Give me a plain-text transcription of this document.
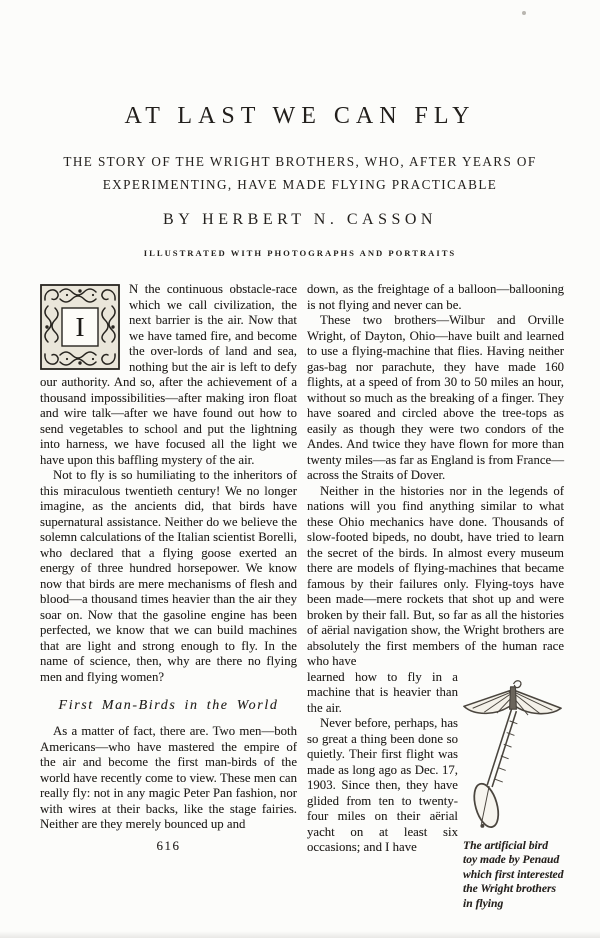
AT LAST WE CAN FLY
THE STORY OF THE WRIGHT BROTHERS, WHO, AFTER YEARS OF EXPERIMENTING, HAVE MADE FLYING PRACTICABLE
BY HERBERT N. CASSON
ILLUSTRATED WITH PHOTOGRAPHS AND PORTRAITS

I
N the continuous obstacle-race which we call civilization, the next barrier is the air. Now that we have tamed fire, and become the over-lords of land and sea, nothing but the air is left to defy our authority. And so, after the achievement of a thousand impossibilities—after making iron float and wire talk—after we have found out how to send vegetables to school and put the lightning into harness, we have focused all the light we have upon this baffling mystery of the air.

Not to fly is so humiliating to the inheritors of this miraculous twentieth century! We no longer imagine, as the ancients did, that birds have supernatural assistance. Neither do we believe the solemn calculations of the Italian scientist Borelli, who declared that a flying goose exerted an energy of three hundred horsepower. We know now that birds are mere mechanisms of flesh and blood—a thousand times heavier than the air they soar on. Now that the gasoline engine has been perfected, we know that we can build machines that are light and strong enough to fly. In the name of science, then, why are there no flying men and flying women?

First Man-Birds in the World

As a matter of fact, there are. Two men—both Americans—who have mastered the empire of the air and become the first man-birds of the world have recently come to view. These men can really fly: not in any magic Peter Pan fashion, nor with wires at their backs, like the stage fairies. Neither are they merely bounced up and

616

down, as the freightage of a balloon—ballooning is not flying and never can be.

These two brothers—Wilbur and Orville Wright, of Dayton, Ohio—have built and learned to use a flying-machine that flies. Having neither gas-bag nor parachute, they have made 160 flights, at a speed of from 30 to 50 miles an hour, without so much as the breaking of a finger. They have soared and circled above the tree-tops as easily as though they were two condors of the Andes. And twice they have flown for more than twenty miles—as far as England is from France—across the Straits of Dover.

Neither in the histories nor in the legends of nations will you find anything similar to what these Ohio mechanics have done. Thousands of slow-footed bipeds, no doubt, have tried to learn the secret of the birds. In almost every museum there are models of flying-machines that became famous by their failures only. Flying-toys have been made—mere rockets that shot up and were broken by their fall. But, so far as all the histories of aërial navigation show, the Wright brothers are absolutely the first members of the human race who have

learned how to fly in a machine that is heavier than the air.

Never before, perhaps, has so great a thing been done so quietly. Their first flight was made as long ago as Dec. 17, 1903. Since then, they have glided from ten to twenty-four miles on their aërial yacht on at least six occasions; and I have	The artificial bird toy made by Penaud which first interested the Wright brothers in flying
